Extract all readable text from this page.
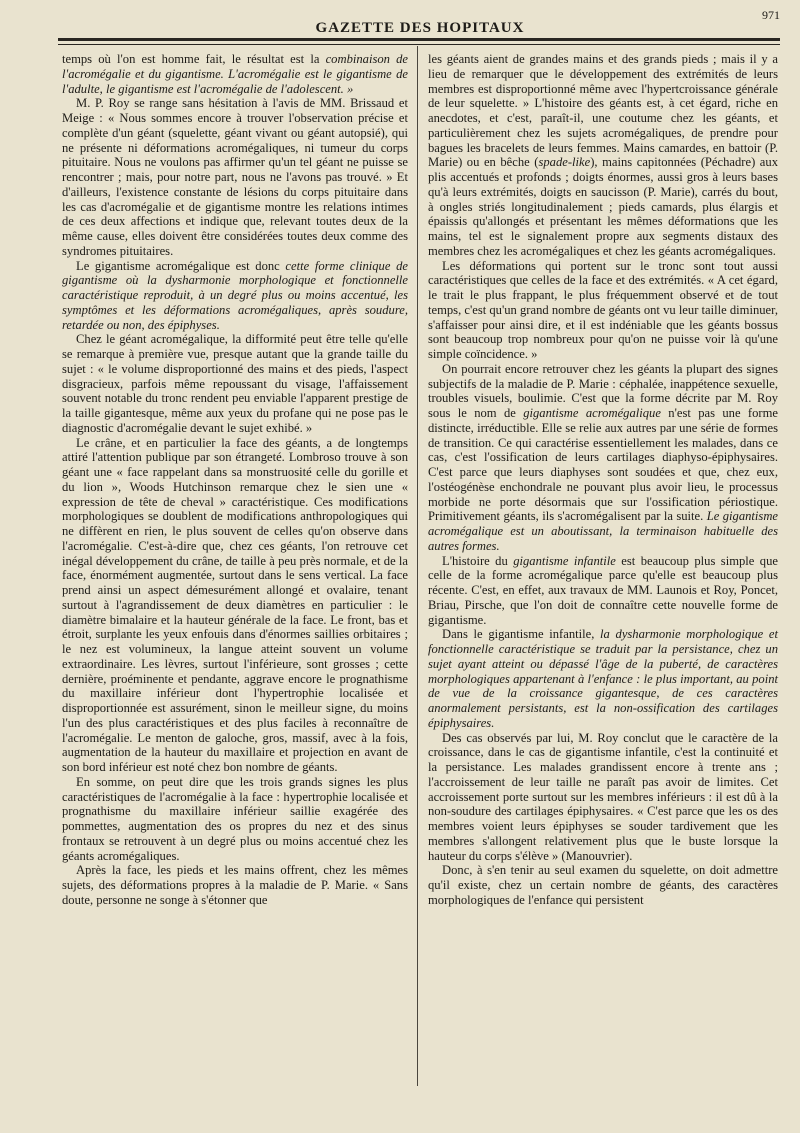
GAZETTE DES HOPITAUX
971

temps où l'on est homme fait, le résultat est la combinaison de l'acromégalie et du gigantisme. L'acromégalie est le gigantisme de l'adulte, le gigantisme est l'acromégalie de l'adolescent. »

M. P. Roy se range sans hésitation à l'avis de MM. Brissaud et Meige : « Nous sommes encore à trouver l'observation précise et complète d'un géant (squelette, géant vivant ou géant autopsié), qui ne présente ni déformations acromégaliques, ni tumeur du corps pituitaire. Nous ne voulons pas affirmer qu'un tel géant ne puisse se rencontrer ; mais, pour notre part, nous ne l'avons pas trouvé. » Et d'ailleurs, l'existence constante de lésions du corps pituitaire dans les cas d'acromégalie et de gigantisme montre les relations intimes de ces deux affections et indique que, relevant toutes deux de la même cause, elles doivent être considérées toutes deux comme des syndromes pituitaires.

Le gigantisme acromégalique est donc cette forme clinique de gigantisme où la dysharmonie morphologique et fonctionnelle caractéristique reproduit, à un degré plus ou moins accentué, les symptômes et les déformations acromégaliques, après soudure, retardée ou non, des épiphyses.

Chez le géant acromégalique, la difformité peut être telle qu'elle se remarque à première vue, presque autant que la grande taille du sujet : « le volume disproportionné des mains et des pieds, l'aspect disgracieux, parfois même repoussant du visage, l'affaissement souvent notable du tronc rendent peu enviable l'apparent prestige de la taille gigantesque, même aux yeux du profane qui ne pose pas le diagnostic d'acromégalie devant le sujet exhibé. »

Le crâne, et en particulier la face des géants, a de longtemps attiré l'attention publique par son étrangeté. Lombroso trouve à son géant une « face rappelant dans sa monstruosité celle du gorille et du lion », Woods Hutchinson remarque chez le sien une « expression de tête de cheval » caractéristique. Ces modifications morphologiques se doublent de modifications anthropologiques qui ne diffèrent en rien, le plus souvent de celles qu'on observe dans l'acromégalie. C'est-à-dire que, chez ces géants, l'on retrouve cet inégal développement du crâne, de taille à peu près normale, et de la face, énormément augmentée, surtout dans le sens vertical. La face prend ainsi un aspect démesurément allongé et ovalaire, tenant surtout à l'agrandissement de deux diamètres en particulier : le diamètre bimalaire et la hauteur générale de la face. Le front, bas et étroit, surplante les yeux enfouis dans d'énormes saillies orbitaires ; le nez est volumineux, la langue atteint souvent un volume extraordinaire. Les lèvres, surtout l'inférieure, sont grosses ; cette dernière, proéminente et pendante, aggrave encore le prognathisme du maxillaire inférieur dont l'hypertrophie localisée et disproportionnée est assurément, sinon le meilleur signe, du moins l'un des plus caractéristiques et des plus faciles à reconnaître de l'acromégalie. Le menton de galoche, gros, massif, avec à la fois, augmentation de la hauteur du maxillaire et projection en avant de son bord inférieur est noté chez bon nombre de géants.

En somme, on peut dire que les trois grands signes les plus caractéristiques de l'acromégalie à la face : hypertrophie localisée et prognathisme du maxillaire inférieur saillie exagérée des pommettes, augmentation des os propres du nez et des sinus frontaux se retrouvent à un degré plus ou moins accentué chez les géants acromégaliques.

Après la face, les pieds et les mains offrent, chez les mêmes sujets, des déformations propres à la maladie de P. Marie. « Sans doute, personne ne songe à s'étonner que

les géants aient de grandes mains et des grands pieds ; mais il y a lieu de remarquer que le développement des extrémités de leurs membres est disproportionné même avec l'hypertcroissance générale de leur squelette. » L'histoire des géants est, à cet égard, riche en anecdotes, et c'est, paraît-il, une coutume chez les géants, et particulièrement chez les sujets acromégaliques, de prendre pour bagues les bracelets de leurs femmes. Mains camardes, en battoir (P. Marie) ou en bêche (spade-like), mains capitonnées (Péchadre) aux plis accentués et profonds ; doigts énormes, aussi gros à leurs bases qu'à leurs extrémités, doigts en saucisson (P. Marie), carrés du bout, à ongles striés longitudinalement ; pieds camards, plus élargis et épaissis qu'allongés et présentant les mêmes déformations que les mains, tel est le signalement propre aux segments distaux des membres chez les acromégaliques et chez les géants acromégaliques.

Les déformations qui portent sur le tronc sont tout aussi caractéristiques que celles de la face et des extrémités. « A cet égard, le trait le plus frappant, le plus fréquemment observé et de tout temps, c'est qu'un grand nombre de géants ont vu leur taille diminuer, s'affaisser pour ainsi dire, et il est indéniable que les géants bossus sont beaucoup trop nombreux pour qu'on ne puisse voir là qu'une simple coïncidence. »

On pourrait encore retrouver chez les géants la plupart des signes subjectifs de la maladie de P. Marie : céphalée, inappétence sexuelle, troubles visuels, boulimie. C'est que la forme décrite par M. Roy sous le nom de gigantisme acromégalique n'est pas une forme distincte, irréductible. Elle se relie aux autres par une série de formes de transition. Ce qui caractérise essentiellement les malades, dans ce cas, c'est l'ossification de leurs cartilages diaphyso-épiphysaires. C'est parce que leurs diaphyses sont soudées et que, chez eux, l'ostéogénèse enchondrale ne pouvant plus avoir lieu, le processus morbide ne porte désormais que sur l'ossification périostique. Primitivement géants, ils s'acromégalisent par la suite. Le gigantisme acromégalique est un aboutissant, la terminaison habituelle des autres formes.

L'histoire du gigantisme infantile est beaucoup plus simple que celle de la forme acromégalique parce qu'elle est beaucoup plus récente. C'est, en effet, aux travaux de MM. Launois et Roy, Poncet, Briau, Pirsche, que l'on doit de connaître cette nouvelle forme de gigantisme.

Dans le gigantisme infantile, la dysharmonie morphologique et fonctionnelle caractéristique se traduit par la persistance, chez un sujet ayant atteint ou dépassé l'âge de la puberté, de caractères morphologiques appartenant à l'enfance : le plus important, au point de vue de la croissance gigantesque, de ces caractères anormalement persistants, est la non-ossification des cartilages épiphysaires.

Des cas observés par lui, M. Roy conclut que le caractère de la croissance, dans le cas de gigantisme infantile, c'est la continuité et la persistance. Les malades grandissent encore à trente ans ; l'accroissement de leur taille ne paraît pas avoir de limites. Cet accroissement porte surtout sur les membres inférieurs : il est dû à la non-soudure des cartilages épiphysaires. « C'est parce que les os des membres voient leurs épiphyses se souder tardivement que les membres s'allongent relativement plus que le buste lorsque la hauteur du corps s'élève » (Manouvrier).

Donc, à s'en tenir au seul examen du squelette, on doit admettre qu'il existe, chez un certain nombre de géants, des caractères morphologiques de l'enfance qui persistent
